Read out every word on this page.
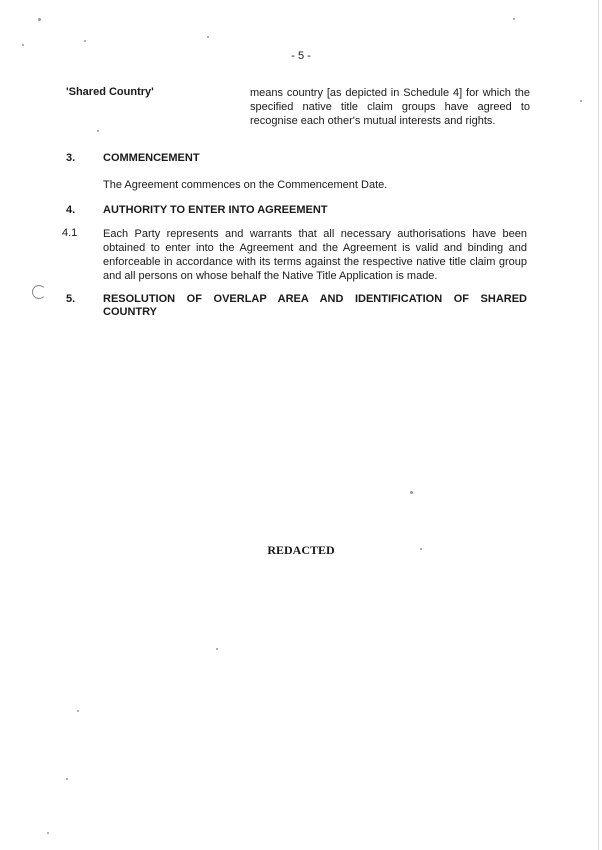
- 5 -
'Shared Country'	means country [as depicted in Schedule 4] for which the specified native title claim groups have agreed to recognise each other's mutual interests and rights.
3.	COMMENCEMENT
The Agreement commences on the Commencement Date.
4.	AUTHORITY TO ENTER INTO AGREEMENT
4.1 Each Party represents and warrants that all necessary authorisations have been obtained to enter into the Agreement and the Agreement is valid and binding and enforceable in accordance with its terms against the respective native title claim group and all persons on whose behalf the Native Title Application is made.
5.	RESOLUTION OF OVERLAP AREA AND IDENTIFICATION OF SHARED COUNTRY
REDACTED
